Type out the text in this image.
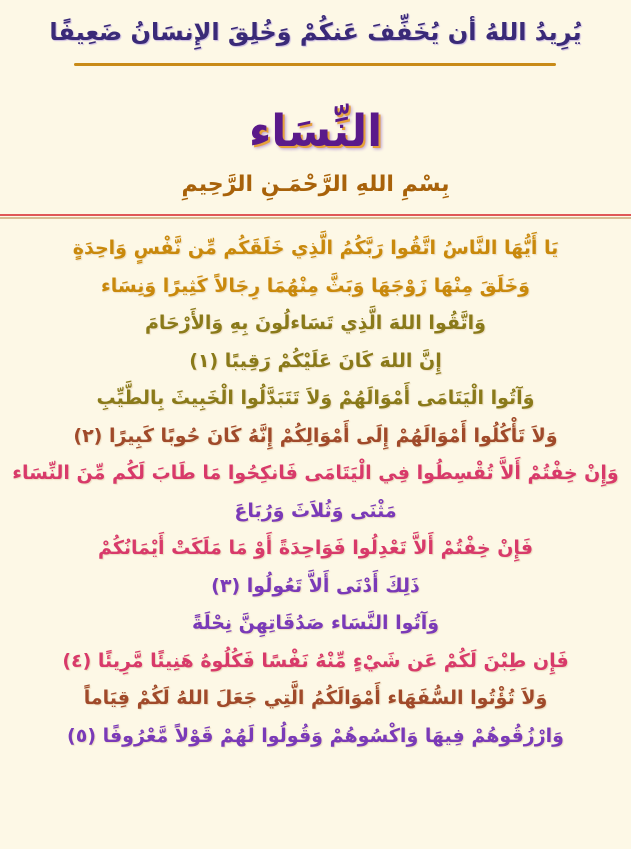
يُرِيدُ اللهُ أن يُخَفِّفَ عَنكُمْ وَخُلِقَ الإِنسَانُ ضَعِيفًا
النِّسَاء
بِسْمِ اللهِ الرَّحْمَـنِ الرَّحِيمِ
يَا أَيُّهَا النَّاسُ اتَّقُوا رَبَّكُمُ الَّذِي خَلَقَكُم مِّن نَّفْسٍ وَاحِدَةٍ
وَخَلَقَ مِنْهَا زَوْجَهَا وَبَثَّ مِنْهُمَا رِجَالاً كَثِيرًا وَنِسَاء
وَاتَّقُوا اللهَ الَّذِي تَسَاءلُونَ بِهِ وَالأَرْحَامَ
إِنَّ اللهَ كَانَ عَلَيْكُمْ رَقِيبًا (١)
وَآتُوا الْيَتَامَى أَمْوَالَهُمْ وَلاَ تَتَبَدَّلُوا الْخَبِيثَ بِالطَّيِّبِ
وَلاَ تَأْكُلُوا أَمْوَالَهُمْ إِلَى أَمْوَالِكُمْ إِنَّهُ كَانَ حُوبًا كَبِيرًا (٢)
وَإِنْ خِفْتُمْ أَلاَّ تُقْسِطُوا فِي الْيَتَامَى فَانكِحُوا مَا طَابَ لَكُم مِّنَ النِّسَاء
مَثْنَى وَثُلاَثَ وَرُبَاعَ
فَإِنْ خِفْتُمْ أَلاَّ تَعْدِلُوا فَوَاحِدَةً أَوْ مَا مَلَكَتْ أَيْمَانُكُمْ
ذَلِكَ أَدْنَى أَلاَّ تَعُولُوا (٣)
وَآتُوا النَّسَاء صَدُقَاتِهِنَّ نِحْلَةً
فَإِن طِبْنَ لَكُمْ عَن شَيْءٍ مِّنْهُ نَفْسًا فَكُلُوهُ هَنِيئًا مَّرِيئًا (٤)
وَلاَ تُؤْتُوا السُّفَهَاء أَمْوَالَكُمُ الَّتِي جَعَلَ اللهُ لَكُمْ قِيَاماً
وَارْزُقُوهُمْ فِيهَا وَاكْسُوهُمْ وَقُولُوا لَهُمْ قَوْلاً مَّعْرُوفًا (٥)
